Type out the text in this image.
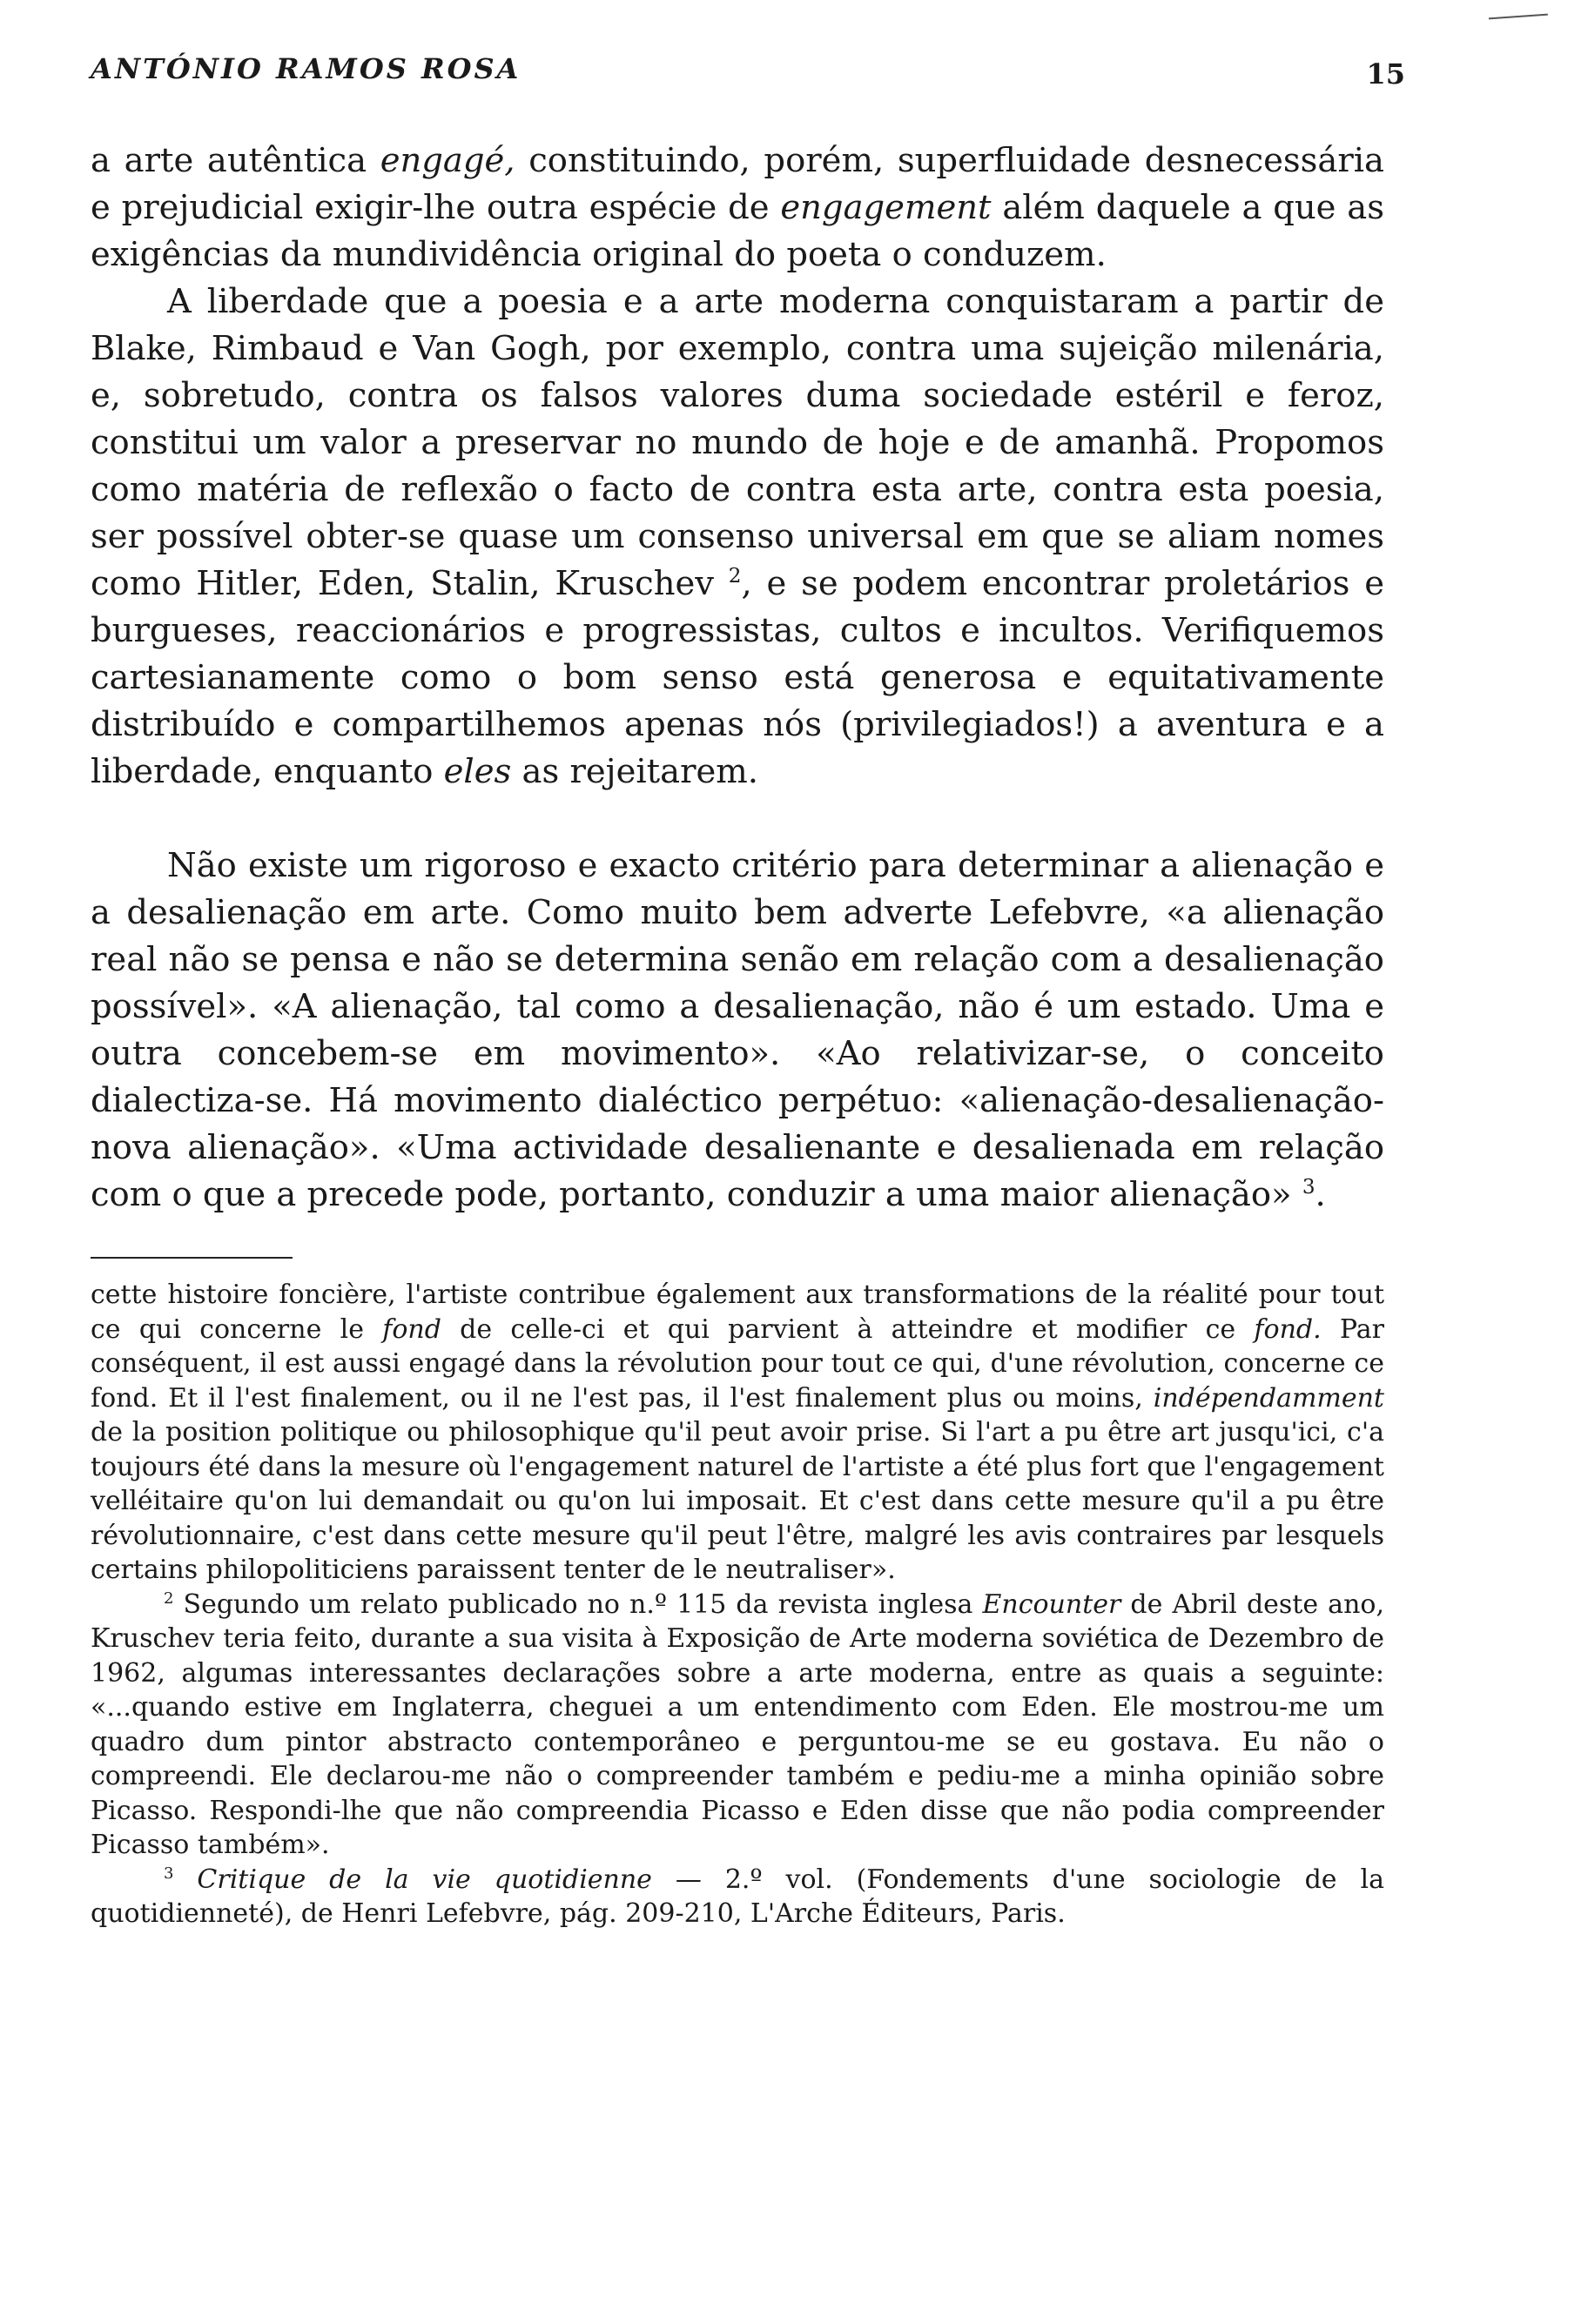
ANTÓNIO RAMOS ROSA	15

a arte autêntica engagé, constituindo, porém, superfluidade desnecessária e prejudicial exigir-lhe outra espécie de engagement além daquele a que as exigências da mundividência original do poeta o conduzem.

A liberdade que a poesia e a arte moderna conquistaram a partir de Blake, Rimbaud e Van Gogh, por exemplo, contra uma sujeição milenária, e, sobretudo, contra os falsos valores duma sociedade estéril e feroz, constitui um valor a preservar no mundo de hoje e de amanhã. Propomos como matéria de reflexão o facto de contra esta arte, contra esta poesia, ser possível obter-se quase um consenso universal em que se aliam nomes como Hitler, Eden, Stalin, Kruschev $^2$, e se podem encontrar proletários e burgueses, reaccionários e progressistas, cultos e incultos. Verifiquemos cartesianamente como o bom senso está generosa e equitativamente distribuído e compartilhemos apenas nós (privilegiados!) a aventura e a liberdade, enquanto eles as rejeitarem.

Não existe um rigoroso e exacto critério para determinar a alienação e a desalienação em arte. Como muito bem adverte Lefebvre, «a alienação real não se pensa e não se determina senão em relação com a desalienação possível». «A alienação, tal como a desalienação, não é um estado. Uma e outra concebem-se em movimento». «Ao relativizar-se, o conceito dialectiza-se. Há movimento dialéctico perpétuo: «alienação-desalienação-nova alienação». «Uma actividade desalienante e desalienada em relação com o que a precede pode, portanto, conduzir a uma maior alienação» $^3$.

cette histoire foncière, l'artiste contribue également aux transformations de la réalité pour tout ce qui concerne le fond de celle-ci et qui parvient à atteindre et modifier ce fond. Par conséquent, il est aussi engagé dans la révolution pour tout ce qui, d'une révolution, concerne ce fond. Et il l'est finalement, ou il ne l'est pas, il l'est finalement plus ou moins, indépendamment de la position politique ou philosophique qu'il peut avoir prise. Si l'art a pu être art jusqu'ici, c'a toujours été dans la mesure où l'engagement naturel de l'artiste a été plus fort que l'engagement velléitaire qu'on lui demandait ou qu'on lui imposait. Et c'est dans cette mesure qu'il a pu être révolutionnaire, c'est dans cette mesure qu'il peut l'être, malgré les avis contraires par lesquels certains philopoliticiens paraissent tenter de le neutraliser».

$^2$ Segundo um relato publicado no n.º 115 da revista inglesa Encounter de Abril deste ano, Kruschev teria feito, durante a sua visita à Exposição de Arte moderna soviética de Dezembro de 1962, algumas interessantes declarações sobre a arte moderna, entre as quais a seguinte: «...quando estive em Inglaterra, cheguei a um entendimento com Eden. Ele mostrou-me um quadro dum pintor abstracto contemporâneo e perguntou-me se eu gostava. Eu não o compreendi. Ele declarou-me não o compreender também e pediu-me a minha opinião sobre Picasso. Respondi-lhe que não compreendia Picasso e Eden disse que não podia compreender Picasso também».

$^3$ Critique de la vie quotidienne — 2.º vol. (Fondements d'une sociologie de la quotidienneté), de Henri Lefebvre, pág. 209-210, L'Arche Éditeurs, Paris.
